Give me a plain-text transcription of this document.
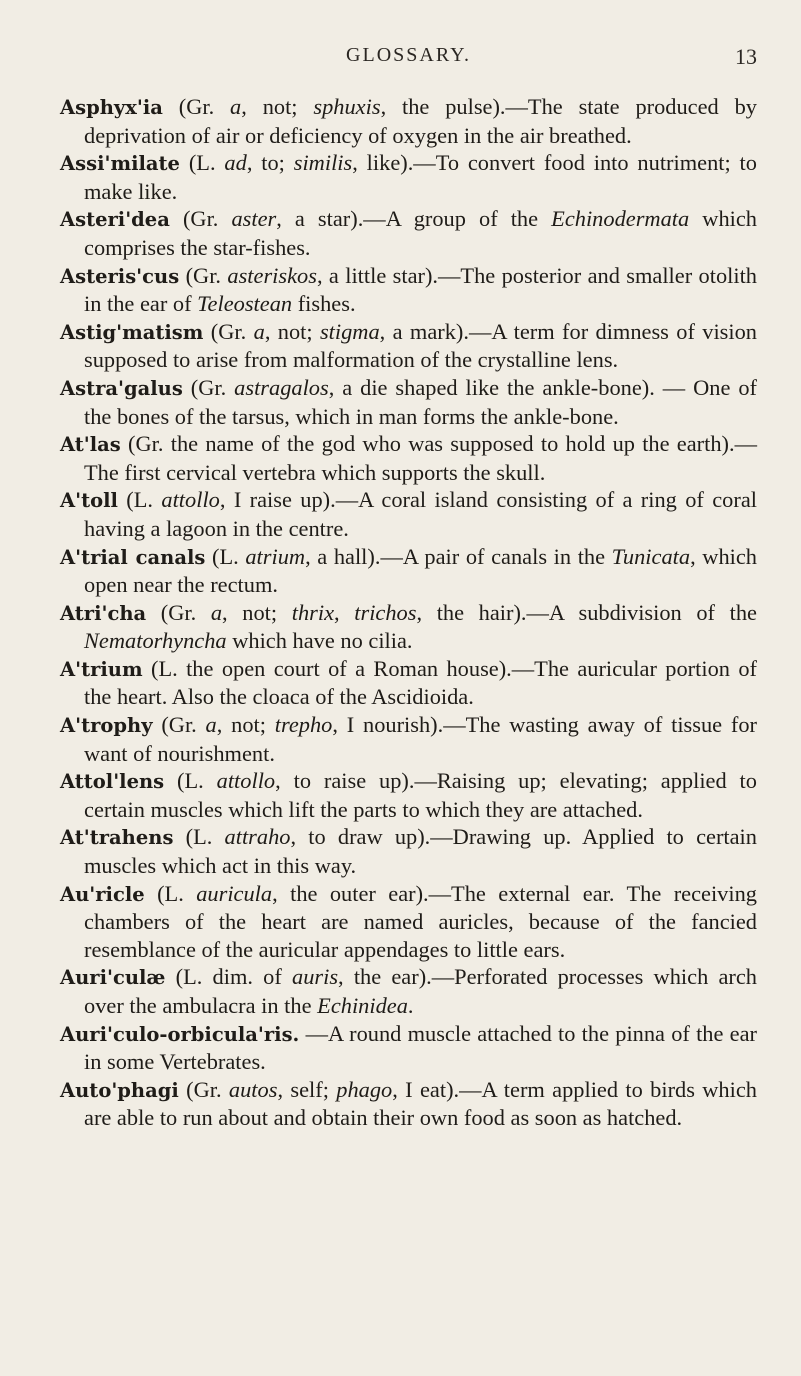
GLOSSARY.	13

Asphyx'ia (Gr. a, not; sphuxis, the pulse).—The state produced by deprivation of air or deficiency of oxygen in the air breathed.

Assi'milate (L. ad, to; similis, like).—To convert food into nutriment; to make like.

Asteri'dea (Gr. aster, a star).—A group of the Echinodermata which comprises the star-fishes.

Asteris'cus (Gr. asteriskos, a little star).—The posterior and smaller otolith in the ear of Teleostean fishes.

Astig'matism (Gr. a, not; stigma, a mark).—A term for dimness of vision supposed to arise from malformation of the crystalline lens.

Astra'galus (Gr. astragalos, a die shaped like the ankle-bone). — One of the bones of the tarsus, which in man forms the ankle-bone.

At'las (Gr. the name of the god who was supposed to hold up the earth).—The first cervical vertebra which supports the skull.

A'toll (L. attollo, I raise up).—A coral island consisting of a ring of coral having a lagoon in the centre.

A'trial canals (L. atrium, a hall).—A pair of canals in the Tunicata, which open near the rectum.

Atri'cha (Gr. a, not; thrix, trichos, the hair).—A subdivision of the Nematorhyncha which have no cilia.

A'trium (L. the open court of a Roman house).—The auricular portion of the heart. Also the cloaca of the Ascidioida.

A'trophy (Gr. a, not; trepho, I nourish).—The wasting away of tissue for want of nourishment.

Attol'lens (L. attollo, to raise up).—Raising up; elevating; applied to certain muscles which lift the parts to which they are attached.

At'trahens (L. attraho, to draw up).—Drawing up. Applied to certain muscles which act in this way.

Au'ricle (L. auricula, the outer ear).—The external ear. The receiving chambers of the heart are named auricles, because of the fancied resemblance of the auricular appendages to little ears.

Auri'culæ (L. dim. of auris, the ear).—Perforated processes which arch over the ambulacra in the Echinidea.

Auri'culo-orbicula'ris. —A round muscle attached to the pinna of the ear in some Vertebrates.

Auto'phagi (Gr. autos, self; phago, I eat).—A term applied to birds which are able to run about and obtain their own food as soon as hatched.
